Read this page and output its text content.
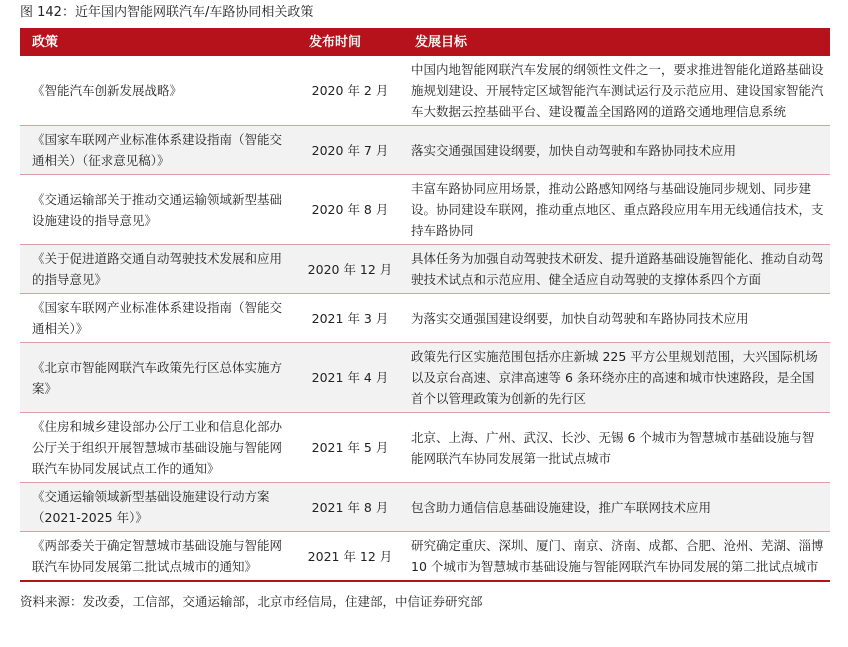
图 142：近年国内智能网联汽车/车路协同相关政策
政策	发布时间	发展目标
《智能汽车创新发展战略》	2020 年 2 月	中国内地智能网联汽车发展的纲领性文件之一，要求推进智能化道路基础设施规划建设、开展特定区域智能汽车测试运行及示范应用、建设国家智能汽车大数据云控基础平台、建设覆盖全国路网的道路交通地理信息系统
《国家车联网产业标准体系建设指南（智能交通相关）（征求意见稿）》	2020 年 7 月	落实交通强国建设纲要，加快自动驾驶和车路协同技术应用
《交通运输部关于推动交通运输领域新型基础设施建设的指导意见》	2020 年 8 月	丰富车路协同应用场景，推动公路感知网络与基础设施同步规划、同步建设。协同建设车联网，推动重点地区、重点路段应用车用无线通信技术，支持车路协同
《关于促进道路交通自动驾驶技术发展和应用的指导意见》	2020 年 12 月	具体任务为加强自动驾驶技术研发、提升道路基础设施智能化、推动自动驾驶技术试点和示范应用、健全适应自动驾驶的支撑体系四个方面
《国家车联网产业标准体系建设指南（智能交通相关）》	2021 年 3 月	为落实交通强国建设纲要，加快自动驾驶和车路协同技术应用
《北京市智能网联汽车政策先行区总体实施方案》	2021 年 4 月	政策先行区实施范围包括亦庄新城 225 平方公里规划范围，大兴国际机场以及京台高速、京津高速等 6 条环绕亦庄的高速和城市快速路段，是全国首个以管理政策为创新的先行区
《住房和城乡建设部办公厅工业和信息化部办公厅关于组织开展智慧城市基础设施与智能网联汽车协同发展试点工作的通知》	2021 年 5 月	北京、上海、广州、武汉、长沙、无锡 6 个城市为智慧城市基础设施与智能网联汽车协同发展第一批试点城市
《交通运输领域新型基础设施建设行动方案（2021-2025 年）》	2021 年 8 月	包含助力通信信息基础设施建设，推广车联网技术应用
《两部委关于确定智慧城市基础设施与智能网联汽车协同发展第二批试点城市的通知》	2021 年 12 月	研究确定重庆、深圳、厦门、南京、济南、成都、合肥、沧州、芜湖、淄博 10 个城市为智慧城市基础设施与智能网联汽车协同发展的第二批试点城市
资料来源：发改委，工信部，交通运输部，北京市经信局，住建部，中信证券研究部
